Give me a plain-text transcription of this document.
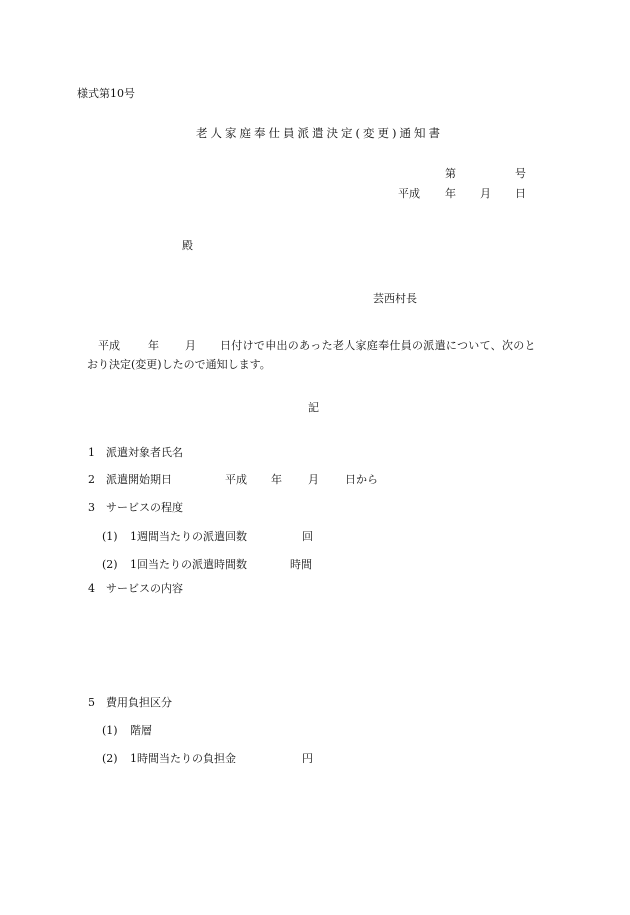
様式第10号
老人家庭奉仕員派遣決定(変更)通知書
第	号
平成 年 月 日
殿
芸西村長
平成	年 月 日付けで申出のあった老人家庭奉仕員の派遣について、次のと
おり決定(変更)したので通知します。
記
1 派遣対象者氏名
2 派遣開始期日	平成 年 月 日から
3 サービスの程度
(1) 1週間当たりの派遣回数	回
(2) 1回当たりの派遣時間数	時間
4 サービスの内容
5 費用負担区分
(1) 階層
(2) 1時間当たりの負担金	円
